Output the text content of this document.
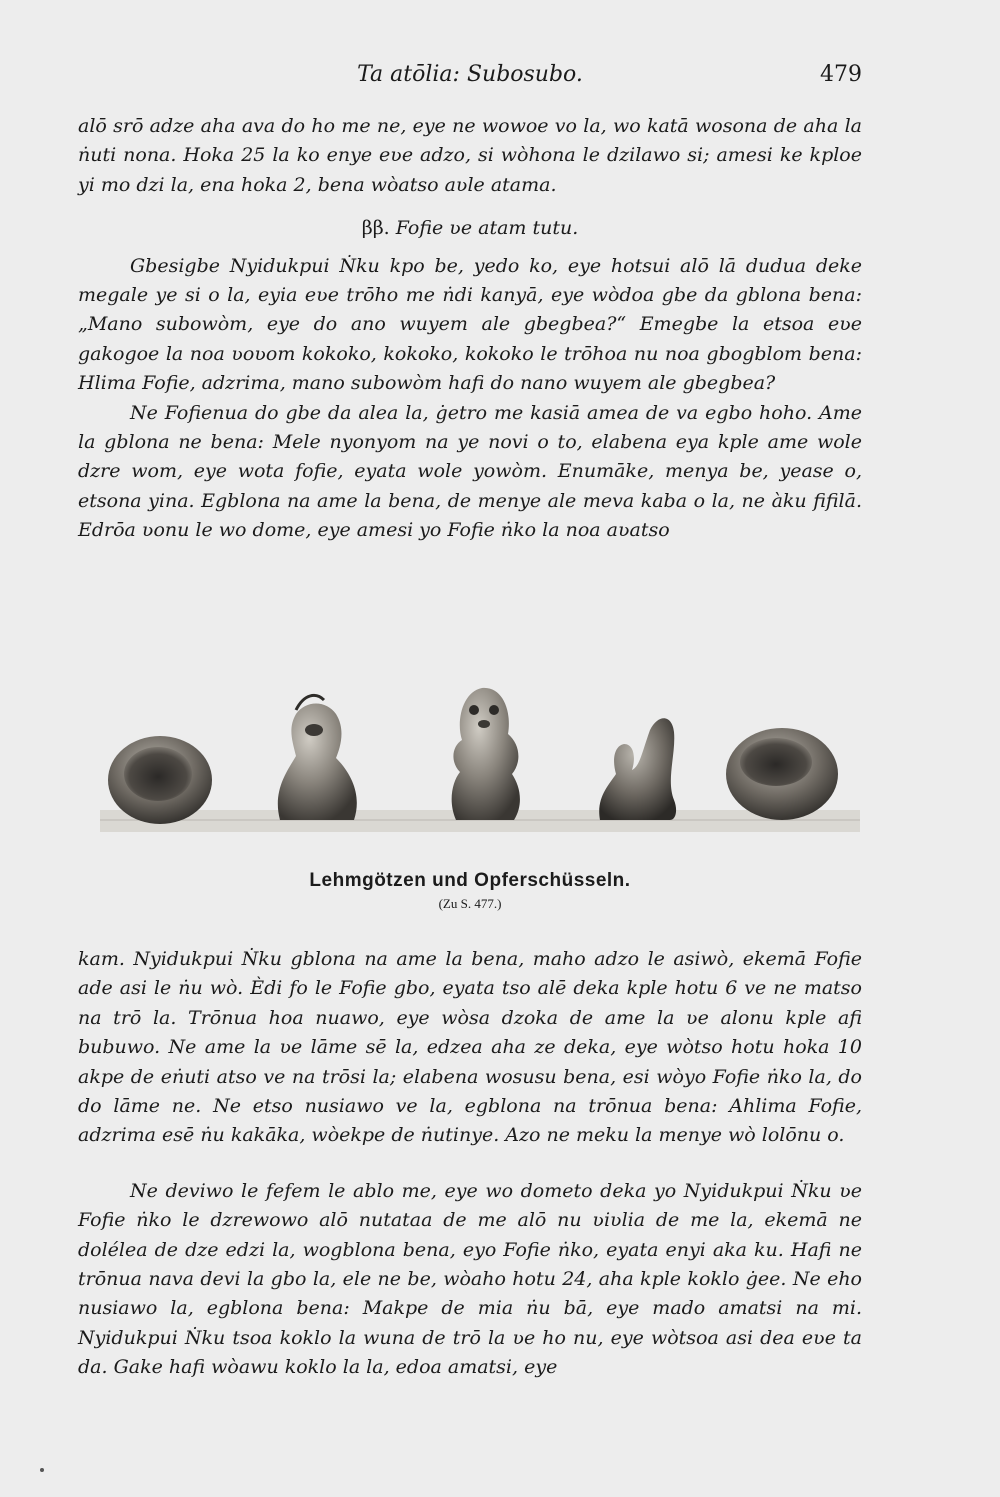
Ta atōlia: Subosubo.	479

alō srō adze aha ava do ho me ne, eye ne wowoe vo la, wo katā wosona de aha la ṅuti nona. Hoka 25 la ko enye eʋe adzo, si wòhona le dzilawo si; amesi ke kploe yi mo dzi la, ena hoka 2, bena wòatso aʋle atama.

ββ. Fofie ʋe atam tutu.

Gbesigbe Nyidukpui Ṅku kpo be, yedo ko, eye hotsui alō lā duduа deke megale ye si o la, eyia eʋe trōho me ṅdi kanyā, eye wòdoa gbe da gblona bena: „Mano subowòm, eye do ano wuyem ale gbegbea?“ Emegbe la etsoa eʋe gakogoe la noa ʋoʋom kokoko, kokoko, kokoko le trōhoa nu noa gbogblom bena: Hlima Fofie, adzrima, mano subowòm hafi do nano wuyem ale gbegbea?

Ne Fofienua do gbe da alea la, ġetro me kasiā amea de va egbo hoho. Ame la gblona ne bena: Mele nyonyom na ye novi o to, elabena eya kple ame wole dzre wom, eye wota fofie, eyata wole yowòm. Enumāke, menya be, yease o, etsona yina. Egblona na ame la bena, de menye ale meva kaba o la, ne àku fifilā. Edrōa ʋonu le wo dome, eye amesi yo Fofie ṅko la noa aʋatso

Lehmgötzen und Opferschüsseln.
(Zu S. 477.)

kam. Nyidukpui Ṅku gblona na ame la bena, maho adzo le asiwò, ekemā Fofie ade asi le ṅu wò. Èdi fo le Fofie gbo, eyata tso alē deka kple hotu 6 ve ne matso na trō la. Trōnua hoa nuawo, eye wòsa dzoka de ame la ʋe alonu kple afi bubuwo. Ne ame la ʋe lāme sē la, edzea aha ze deka, eye wòtso hotu hoka 10 akpe de eṅuti atso ve na trōsi la; elabena wosusu bena, esi wòyo Fofie ṅko la, do do lāme ne. Ne etso nusiawo ve la, egblona na trōnua bena: Ahlima Fofie, adzrima esē ṅu kakāka, wòekpe de ṅutinye. Azo ne meku la menye wò lolōnu o.

Ne deviwo le fefem le ablo me, eye wo dometo deka yo Nyidukpui Ṅku ʋe Fofie ṅko le dzrewowo alō nutataa de me alō nu ʋiʋlia de me la, ekemā ne dolélea de dze edzi la, wogblona bena, eyo Fofie ṅko, eyata enyi aka ku. Hafi ne trōnua nava devi la gbo la, ele ne be, wòaho hotu 24, aha kple koklo ġee. Ne eho nusiawo la, egblona bena: Makpe de mia ṅu bā, eye mado amatsi na mi. Nyidukpui Ṅku tsoa koklo la wuna de trō la ʋe ho nu, eye wòtsoa asi dea eʋe ta da. Gake hafi wòawu koklo la la, edoa amatsi, eye
